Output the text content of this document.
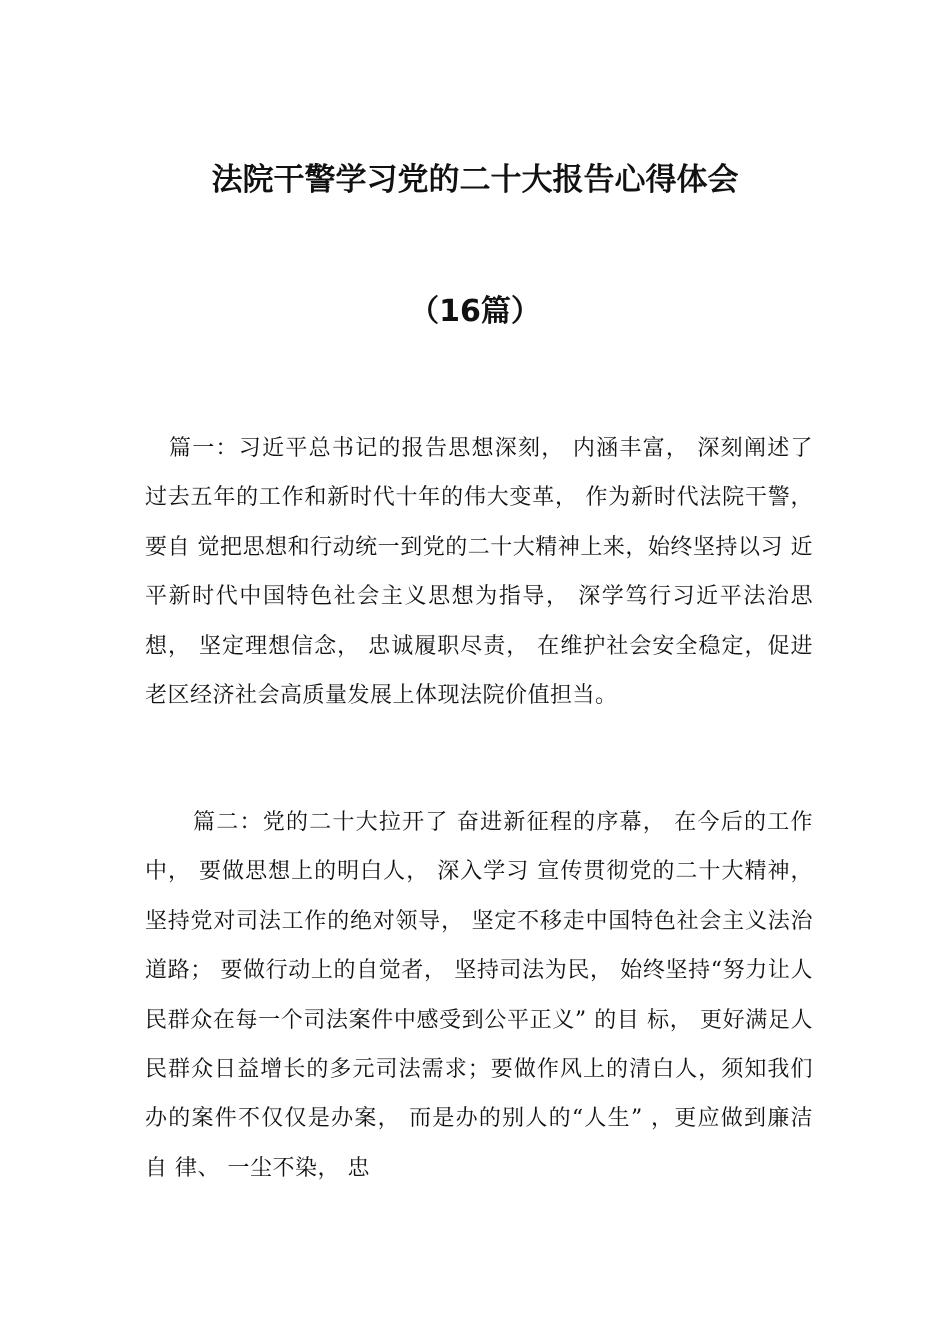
法院干警学习党的二十大报告心得体会
（16篇）

篇一：习近平总书记的报告思想深刻， 内涵丰富， 深刻阐述了 过去五年的工作和新时代十年的伟大变革， 作为新时代法院干警，要自 觉把思想和行动统一到党的二十大精神上来，始终坚持以习 近平新时代中国特色社会主义思想为指导， 深学笃行习近平法治思想， 坚定理想信念， 忠诚履职尽责， 在维护社会安全稳定，促进老区经济社会高质量发展上体现法院价值担当。

篇二：党的二十大拉开了 奋进新征程的序幕， 在今后的工作中， 要做思想上的明白人， 深入学习 宣传贯彻党的二十大精神， 坚持党对司法工作的绝对领导， 坚定不移走中国特色社会主义法治道路； 要做行动上的自觉者， 坚持司法为民， 始终坚持“努力让人民群众在每一个司法案件中感受到公平正义” 的目 标， 更好满足人民群众日益增长的多元司法需求；要做作风上的清白人，须知我们办的案件不仅仅是办案， 而是办的别人的“人生” ，更应做到廉洁自 律、 一尘不染， 忠
